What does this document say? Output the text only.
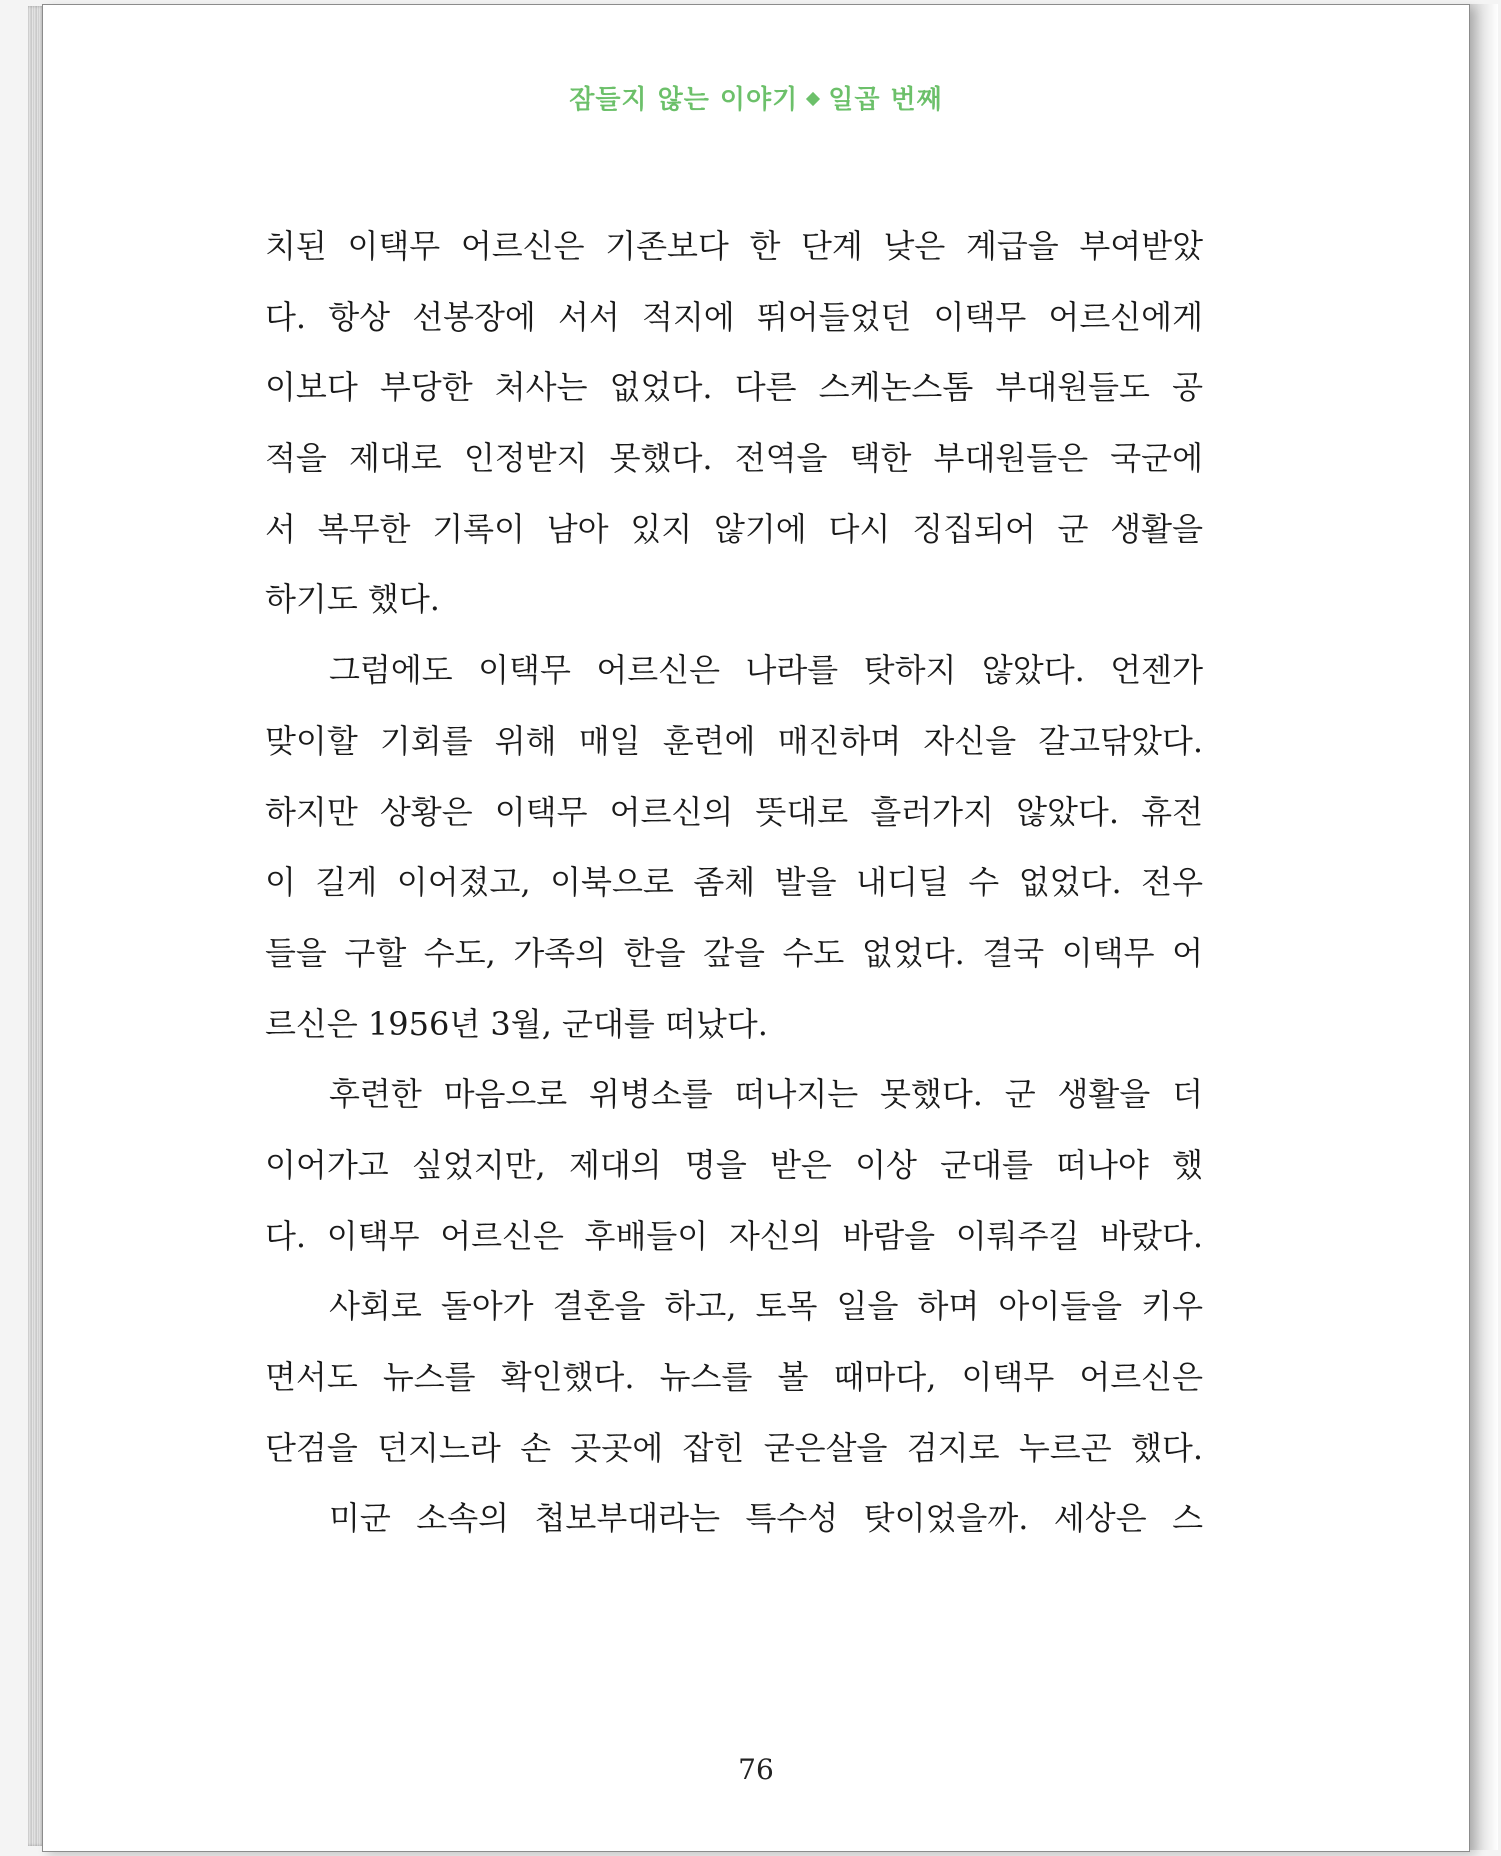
잠들지 않는 이야기 일곱 번째
치된 이택무 어르신은 기존보다 한 단계 낮은 계급을 부여받았
다. 항상 선봉장에 서서 적지에 뛰어들었던 이택무 어르신에게
이보다 부당한 처사는 없었다. 다른 스케논스톰 부대원들도 공
적을 제대로 인정받지 못했다. 전역을 택한 부대원들은 국군에
서 복무한 기록이 남아 있지 않기에 다시 징집되어 군 생활을
하기도 했다.
그럼에도 이택무 어르신은 나라를 탓하지 않았다. 언젠가
맞이할 기회를 위해 매일 훈련에 매진하며 자신을 갈고닦았다.
하지만 상황은 이택무 어르신의 뜻대로 흘러가지 않았다. 휴전
이 길게 이어졌고, 이북으로 좀체 발을 내디딜 수 없었다. 전우
들을 구할 수도, 가족의 한을 갚을 수도 없었다. 결국 이택무 어
르신은 1956년 3월, 군대를 떠났다.
후련한 마음으로 위병소를 떠나지는 못했다. 군 생활을 더
이어가고 싶었지만, 제대의 명을 받은 이상 군대를 떠나야 했
다. 이택무 어르신은 후배들이 자신의 바람을 이뤄주길 바랐다.
사회로 돌아가 결혼을 하고, 토목 일을 하며 아이들을 키우
면서도 뉴스를 확인했다. 뉴스를 볼 때마다, 이택무 어르신은
단검을 던지느라 손 곳곳에 잡힌 굳은살을 검지로 누르곤 했다.
미군 소속의 첩보부대라는 특수성 탓이었을까. 세상은 스
76
